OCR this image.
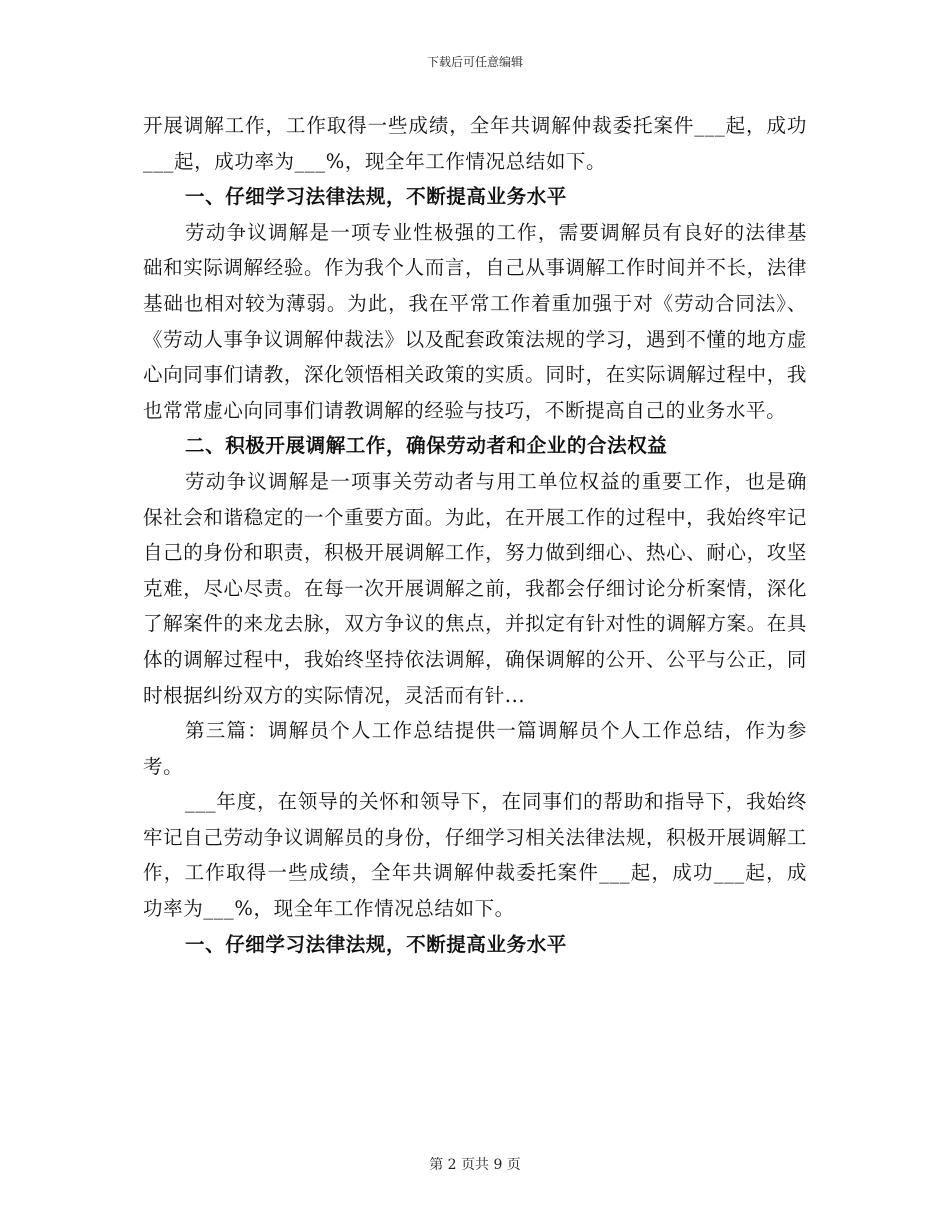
下载后可任意编辑

开展调解工作，工作取得一些成绩，全年共调解仲裁委托案件___起，成功___起，成功率为___%，现全年工作情况总结如下。

一、仔细学习法律法规，不断提高业务水平

劳动争议调解是一项专业性极强的工作，需要调解员有良好的法律基础和实际调解经验。作为我个人而言，自己从事调解工作时间并不长，法律基础也相对较为薄弱。为此，我在平常工作着重加强于对《劳动合同法》、《劳动人事争议调解仲裁法》以及配套政策法规的学习，遇到不懂的地方虚心向同事们请教，深化领悟相关政策的实质。同时，在实际调解过程中，我也常常虚心向同事们请教调解的经验与技巧，不断提高自己的业务水平。

二、积极开展调解工作，确保劳动者和企业的合法权益

劳动争议调解是一项事关劳动者与用工单位权益的重要工作，也是确保社会和谐稳定的一个重要方面。为此，在开展工作的过程中，我始终牢记自己的身份和职责，积极开展调解工作，努力做到细心、热心、耐心，攻坚克难，尽心尽责。在每一次开展调解之前，我都会仔细讨论分析案情，深化了解案件的来龙去脉，双方争议的焦点，并拟定有针对性的调解方案。在具体的调解过程中，我始终坚持依法调解，确保调解的公开、公平与公正，同时根据纠纷双方的实际情况，灵活而有针...

第三篇：调解员个人工作总结提供一篇调解员个人工作总结，作为参考。

___年度，在领导的关怀和领导下，在同事们的帮助和指导下，我始终牢记自己劳动争议调解员的身份，仔细学习相关法律法规，积极开展调解工作，工作取得一些成绩，全年共调解仲裁委托案件___起，成功___起，成功率为___%，现全年工作情况总结如下。

一、仔细学习法律法规，不断提高业务水平

第 2 页共 9 页
